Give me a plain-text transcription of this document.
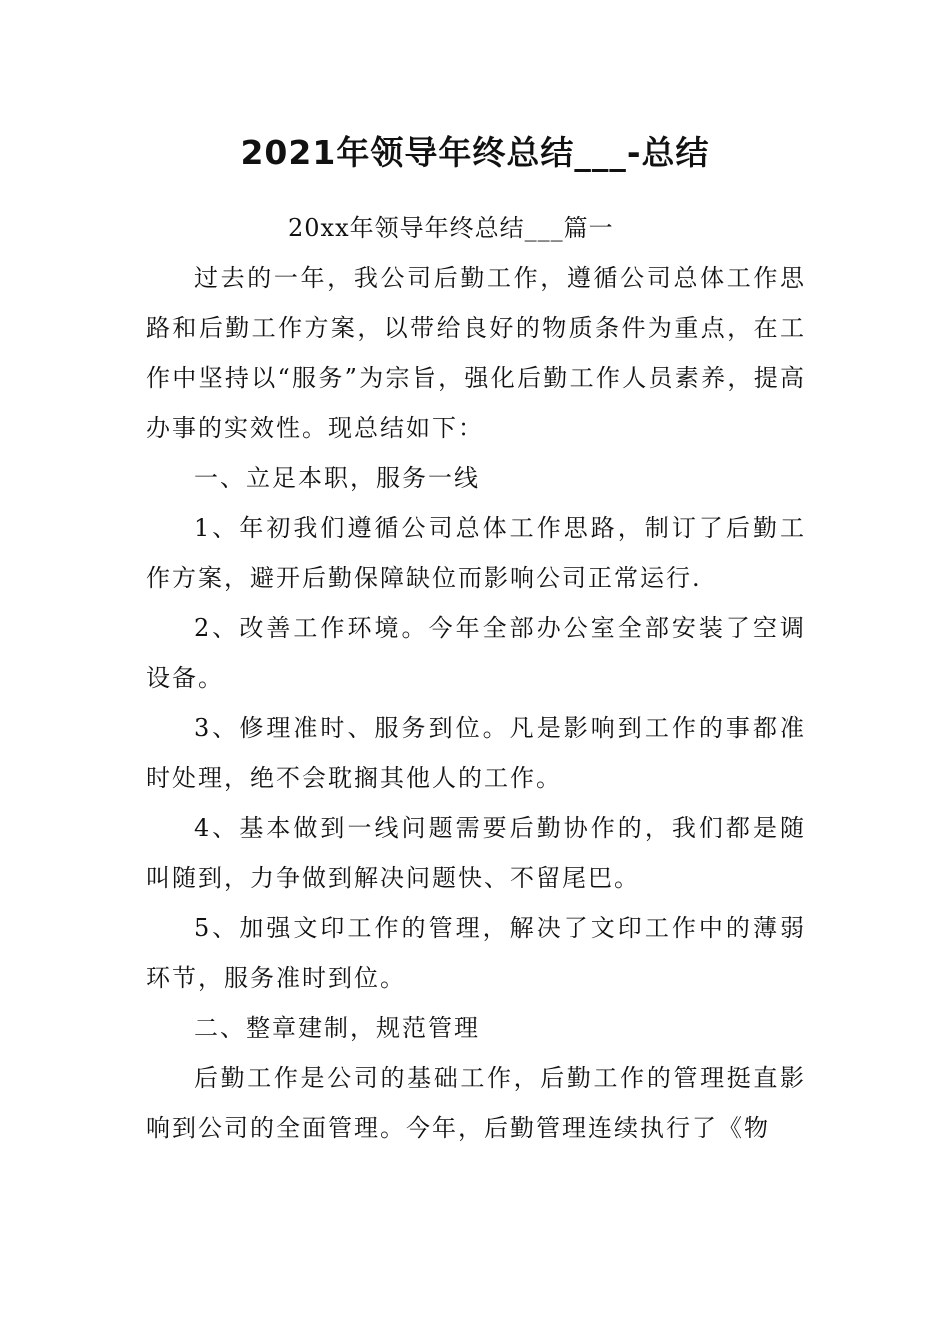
2021年领导年终总结___-总结

20xx年领导年终总结___篇一

过去的一年，我公司后勤工作，遵循公司总体工作思路和后勤工作方案，以带给良好的物质条件为重点，在工作中坚持以“服务”为宗旨，强化后勤工作人员素养，提高办事的实效性。现总结如下：

一、立足本职，服务一线

1、年初我们遵循公司总体工作思路，制订了后勤工作方案，避开后勤保障缺位而影响公司正常运行.

2、改善工作环境。今年全部办公室全部安装了空调设备。

3、修理准时、服务到位。凡是影响到工作的事都准时处理，绝不会耽搁其他人的工作。

4、基本做到一线问题需要后勤协作的，我们都是随叫随到，力争做到解决问题快、不留尾巴。

5、加强文印工作的管理，解决了文印工作中的薄弱环节，服务准时到位。

二、整章建制，规范管理

后勤工作是公司的基础工作，后勤工作的管理挺直影响到公司的全面管理。今年，后勤管理连续执行了《物
